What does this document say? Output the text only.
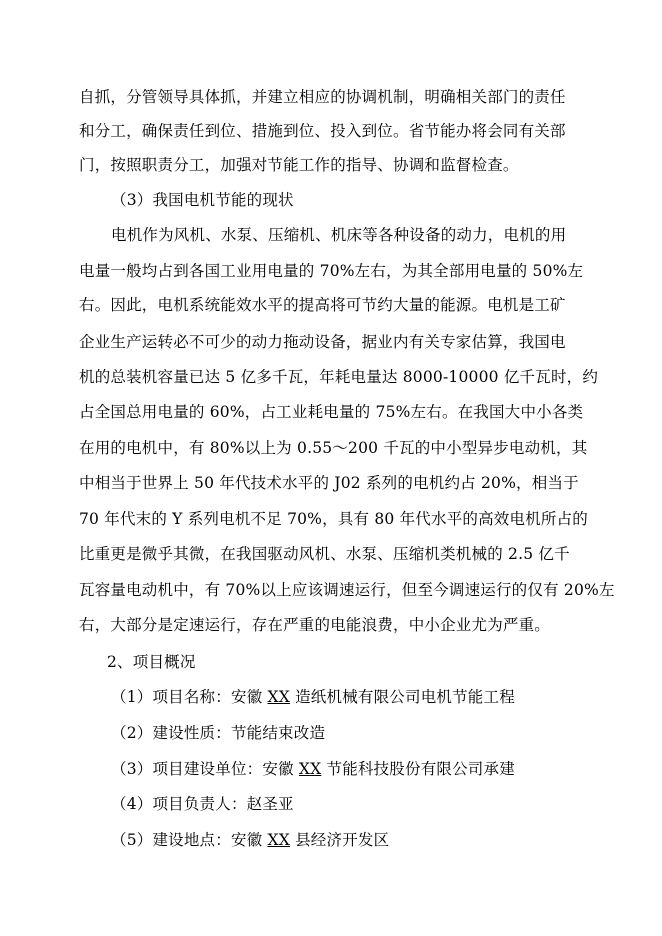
自抓，分管领导具体抓，并建立相应的协调机制，明确相关部门的责任
和分工，确保责任到位、措施到位、投入到位。省节能办将会同有关部
门，按照职责分工，加强对节能工作的指导、协调和监督检查。
（3）我国电机节能的现状
电机作为风机、水泵、压缩机、机床等各种设备的动力，电机的用
电量一般均占到各国工业用电量的 70%左右，为其全部用电量的 50%左
右。因此，电机系统能效水平的提高将可节约大量的能源。电机是工矿
企业生产运转必不可少的动力拖动设备，据业内有关专家估算，我国电
机的总装机容量已达 5 亿多千瓦，年耗电量达 8000-10000 亿千瓦时，约
占全国总用电量的 60%，占工业耗电量的 75%左右。在我国大中小各类
在用的电机中，有 80%以上为 0.55～200 千瓦的中小型异步电动机，其
中相当于世界上 50 年代技术水平的 J02 系列的电机约占 20%，相当于
70 年代末的 Y 系列电机不足 70%，具有 80 年代水平的高效电机所占的
比重更是微乎其微，在我国驱动风机、水泵、压缩机类机械的 2.5 亿千
瓦容量电动机中，有 70%以上应该调速运行，但至今调速运行的仅有 20%左
右，大部分是定速运行，存在严重的电能浪费，中小企业尤为严重。
2、项目概况
（1）项目名称：安徽 XX 造纸机械有限公司电机节能工程
（2）建设性质：节能结束改造
（3）项目建设单位：安徽 XX 节能科技股份有限公司承建
（4）项目负责人：赵圣亚
（5）建设地点：安徽 XX 县经济开发区
